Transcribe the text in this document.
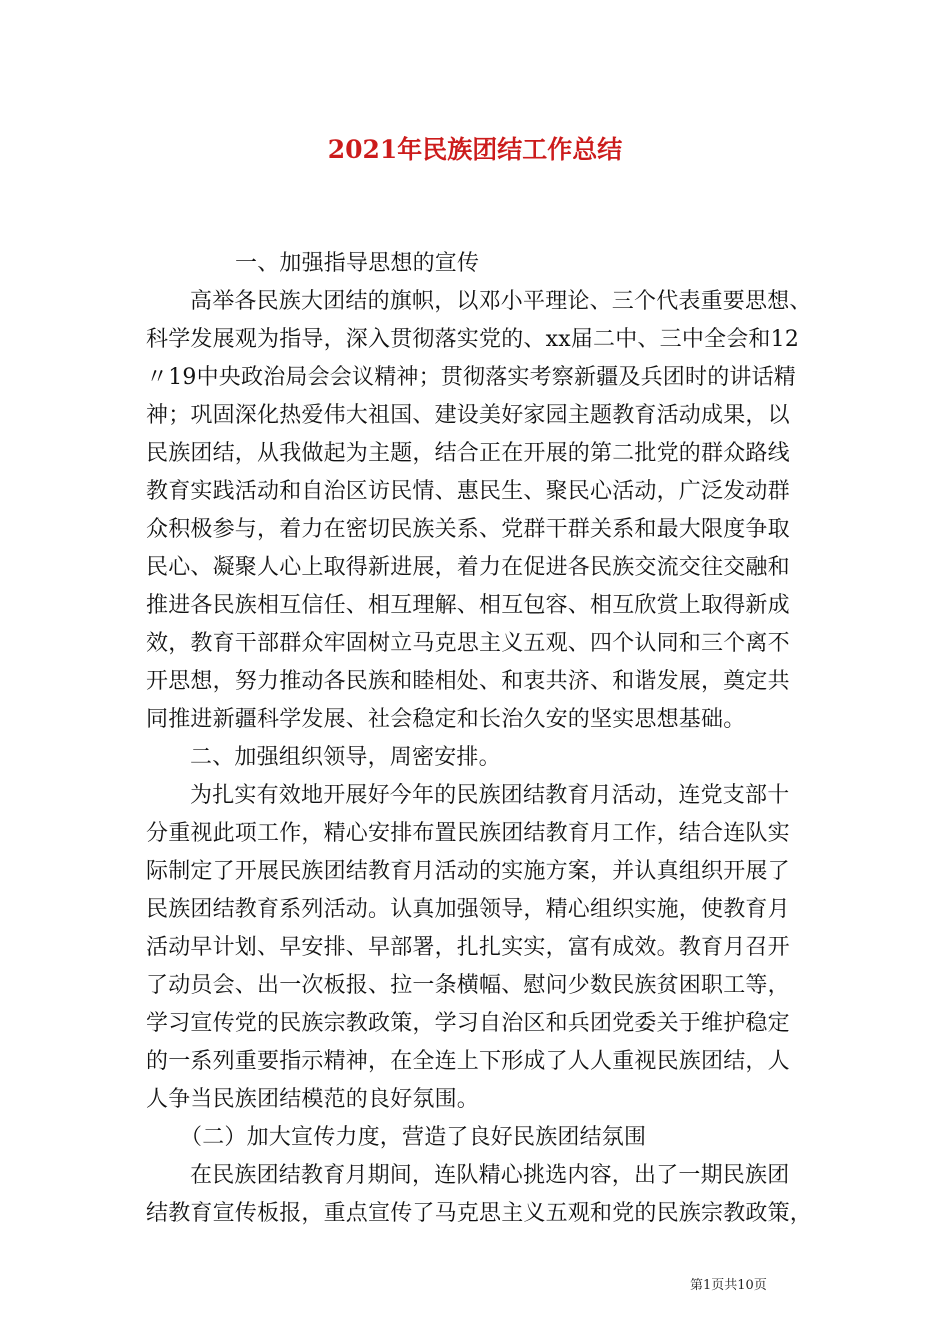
2021年民族团结工作总结
一、加强指导思想的宣传
高举各民族大团结的旗帜，以邓小平理论、三个代表重要思想、
科学发展观为指导，深入贯彻落实党的、xx届二中、三中全会和12
〃19中央政治局会会议精神；贯彻落实考察新疆及兵团时的讲话精
神；巩固深化热爱伟大祖国、建设美好家园主题教育活动成果，以
民族团结，从我做起为主题，结合正在开展的第二批党的群众路线
教育实践活动和自治区访民情、惠民生、聚民心活动，广泛发动群
众积极参与，着力在密切民族关系、党群干群关系和最大限度争取
民心、凝聚人心上取得新进展，着力在促进各民族交流交往交融和
推进各民族相互信任、相互理解、相互包容、相互欣赏上取得新成
效，教育干部群众牢固树立马克思主义五观、四个认同和三个离不
开思想，努力推动各民族和睦相处、和衷共济、和谐发展，奠定共
同推进新疆科学发展、社会稳定和长治久安的坚实思想基础。
二、加强组织领导，周密安排。
为扎实有效地开展好今年的民族团结教育月活动，连党支部十
分重视此项工作，精心安排布置民族团结教育月工作，结合连队实
际制定了开展民族团结教育月活动的实施方案，并认真组织开展了
民族团结教育系列活动。认真加强领导，精心组织实施，使教育月
活动早计划、早安排、早部署，扎扎实实，富有成效。教育月召开
了动员会、出一次板报、拉一条横幅、慰问少数民族贫困职工等，
学习宣传党的民族宗教政策，学习自治区和兵团党委关于维护稳定
的一系列重要指示精神，在全连上下形成了人人重视民族团结，人
人争当民族团结模范的良好氛围。
（二）加大宣传力度，营造了良好民族团结氛围
在民族团结教育月期间，连队精心挑选内容，出了一期民族团
结教育宣传板报，重点宣传了马克思主义五观和党的民族宗教政策，
第1页共10页
